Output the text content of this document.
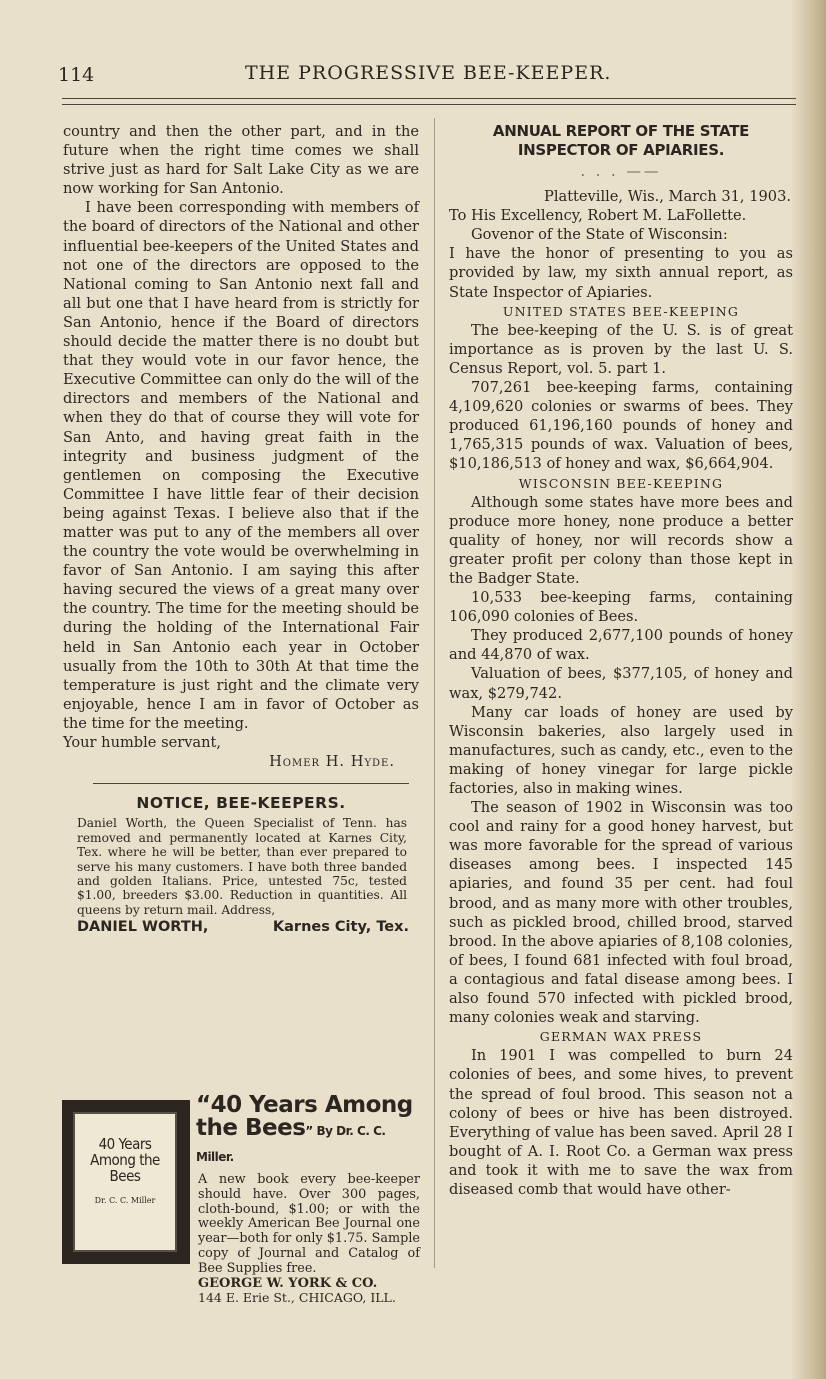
114	THE PROGRESSIVE BEE-KEEPER.

country and then the other part, and in the future when the right time comes we shall strive just as hard for Salt Lake City as we are now working for San Antonio.

I have been corresponding with members of the board of directors of the National and other influential bee-keepers of the United States and not one of the directors are opposed to the National coming to San Antonio next fall and all but one that I have heard from is strictly for San Antonio, hence if the Board of directors should decide the matter there is no doubt but that they would vote in our favor hence, the Executive Committee can only do the will of the directors and members of the National and when they do that of course they will vote for San Anto, and having great faith in the integrity and business judgment of the gentlemen on composing the Executive Committee I have little fear of their decision being against Texas. I believe also that if the matter was put to any of the members all over the country the vote would be overwhelming in favor of San Antonio. I am saying this after having secured the views of a great many over the country. The time for the meeting should be during the holding of the International Fair held in San Antonio each year in October usually from the 10th to 30th At that time the temperature is just right and the climate very enjoyable, hence I am in favor of October as the time for the meeting.

Your humble servant,

Homer H. Hyde.

NOTICE, BEE-KEEPERS.
Daniel Worth, the Queen Specialist of Tenn. has removed and permanently located at Karnes City, Tex. where he will be better, than ever prepared to serve his many customers. I have both three banded and golden Italians. Price, untested 75c, tested $1.00, breeders $3.00. Reduction in quantities. All queens by return mail. Address,
DANIEL WORTH,	Karnes City, Tex.
40 Years Among the Bees
Dr. C. C. Miller
“40 Years Among
the Bees” By Dr. C. C. Miller.
A new book every bee-keeper should have. Over 300 pages, cloth-bound, $1.00; or with the weekly American Bee Journal one year—both for only $1.75. Sample copy of Journal and Catalog of Bee Supplies free.
GEORGE W. YORK & CO.
144 E. Erie St., CHICAGO, ILL.
ANNUAL REPORT OF THE STATE INSPECTOR OF APIARIES.
. . . ——

Platteville, Wis., March 31, 1903.

To His Excellency, Robert M. LaFollette.

Govenor of the State of Wisconsin:

I have the honor of presenting to you as provided by law, my sixth annual report, as State Inspector of Apiaries.

UNITED STATES BEE-KEEPING

The bee-keeping of the U. S. is of great importance as is proven by the last U. S. Census Report, vol. 5. part 1.

707,261 bee-keeping farms, containing 4,109,620 colonies or swarms of bees. They produced 61,196,160 pounds of honey and 1,765,315 pounds of wax. Valuation of bees, $10,186,513 of honey and wax, $6,664,904.

WISCONSIN BEE-KEEPING

Although some states have more bees and produce more honey, none produce a better quality of honey, nor will records show a greater profit per colony than those kept in the Badger State.

10,533 bee-keeping farms, containing 106,090 colonies of Bees.

They produced 2,677,100 pounds of honey and 44,870 of wax.

Valuation of bees, $377,105, of honey and wax, $279,742.

Many car loads of honey are used by Wisconsin bakeries, also largely used in manufactures, such as candy, etc., even to the making of honey vinegar for large pickle factories, also in making wines.

The season of 1902 in Wisconsin was too cool and rainy for a good honey harvest, but was more favorable for the spread of various diseases among bees. I inspected 145 apiaries, and found 35 per cent. had foul brood, and as many more with other troubles, such as pickled brood, chilled brood, starved brood. In the above apiaries of 8,108 colonies, of bees, I found 681 infected with foul broad, a contagious and fatal disease among bees. I also found 570 infected with pickled brood, many colonies weak and starving.

GERMAN WAX PRESS

In 1901 I was compelled to burn 24 colonies of bees, and some hives, to prevent the spread of foul brood. This season not a colony of bees or hive has been distroyed. Everything of value has been saved. April 28 I bought of A. I. Root Co. a German wax press and took it with me to save the wax from diseased comb that would have other-
